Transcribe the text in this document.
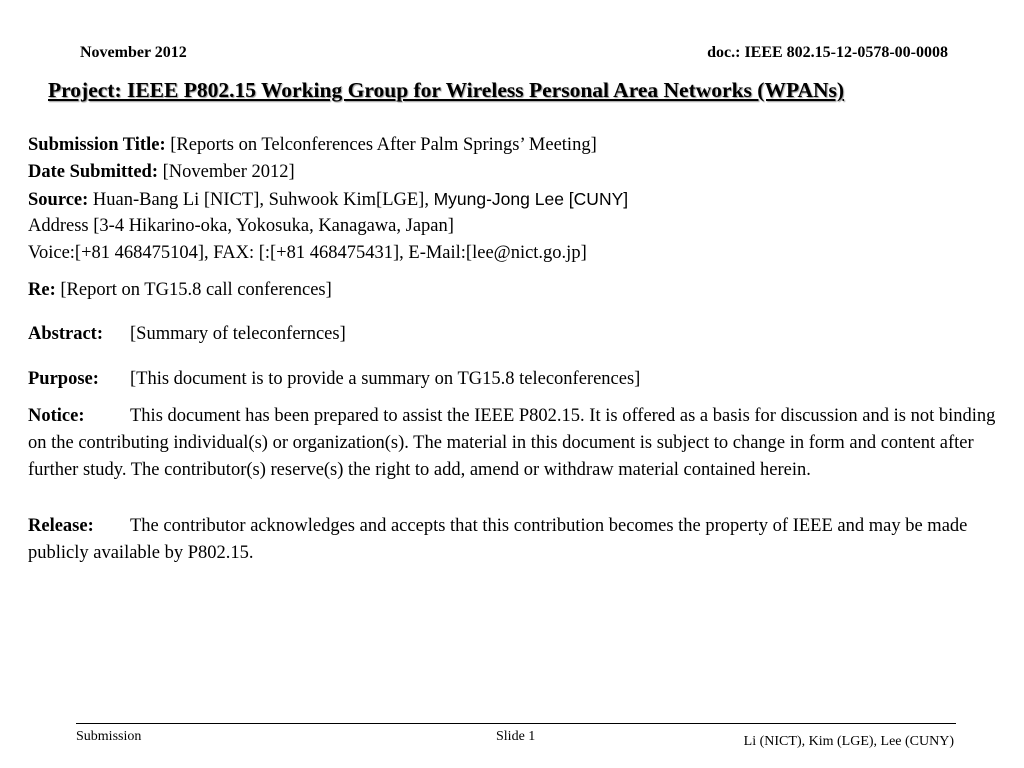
November 2012	doc.: IEEE 802.15-12-0578-00-0008
Project: IEEE P802.15 Working Group for Wireless Personal Area Networks (WPANs)
Submission Title: [Reports on Telconferences After Palm Springs’ Meeting]
Date Submitted: [November 2012]
Source: Huan-Bang Li [NICT], Suhwook Kim[LGE], Myung-Jong Lee [CUNY]
Address [3-4 Hikarino-oka, Yokosuka, Kanagawa, Japan]
Voice:[+81 468475104], FAX: [:[+81 468475431], E-Mail:[lee@nict.go.jp]
Re: [Report on TG15.8 call conferences]
Abstract: [Summary of teleconfernces]
Purpose: [This document is to provide a summary on TG15.8 teleconferences]
Notice: This document has been prepared to assist the IEEE P802.15. It is offered as a basis for discussion and is not binding on the contributing individual(s) or organization(s). The material in this document is subject to change in form and content after further study. The contributor(s) reserve(s) the right to add, amend or withdraw material contained herein.
Release: The contributor acknowledges and accepts that this contribution becomes the property of IEEE and may be made publicly available by P802.15.
Submission	Slide 1	Li (NICT), Kim (LGE), Lee (CUNY)
